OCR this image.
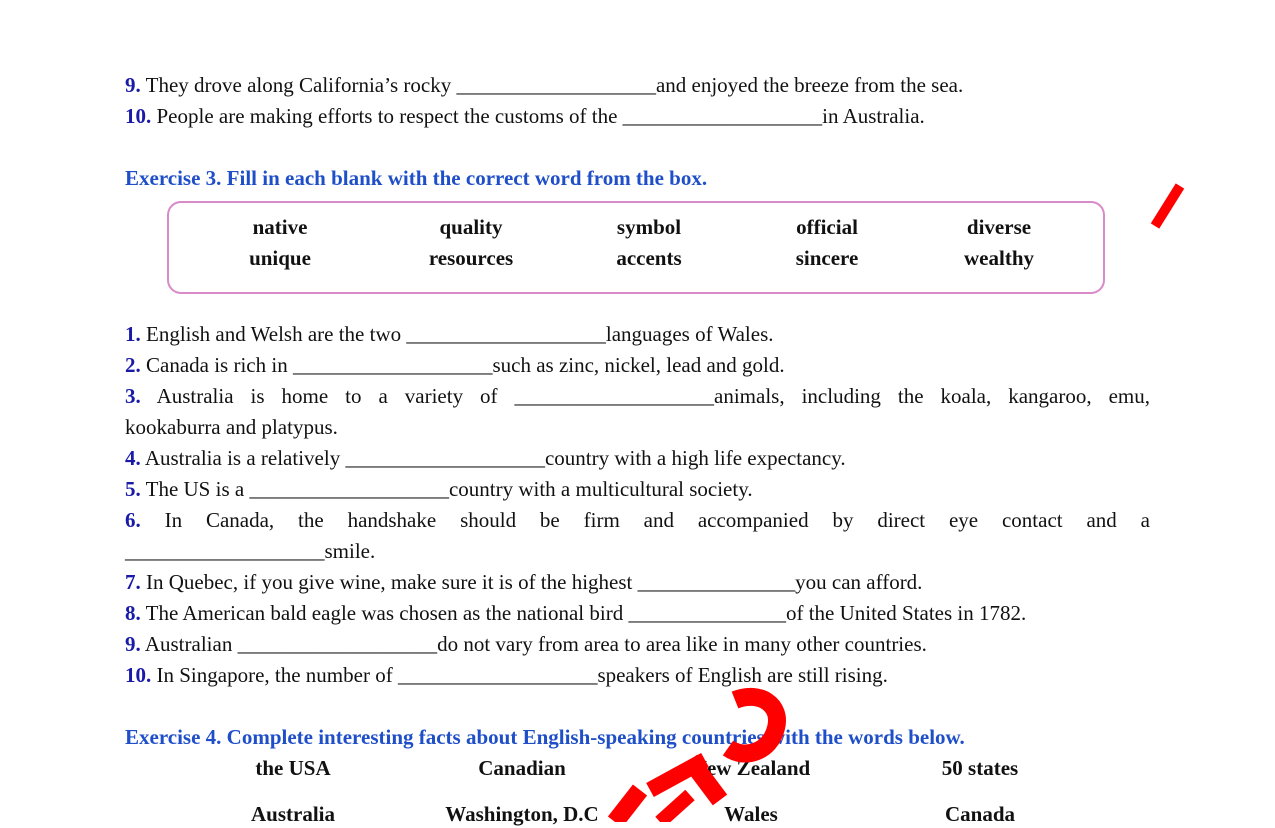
9. They drove along California’s rocky ___________________and enjoyed the breeze from the sea.
10. People are making efforts to respect the customs of the ___________________in Australia.
Exercise 3. Fill in each blank with the correct word from the box.
native	quality	symbol	official	diverse
unique	resources	accents	sincere	wealthy
1. English and Welsh are the two ___________________languages of Wales.
2. Canada is rich in ___________________such as zinc, nickel, lead and gold.
3. Australia is home to a variety of ___________________animals, including the koala, kangaroo, emu,
kookaburra and platypus.
4. Australia is a relatively ___________________country with a high life expectancy.
5. The US is a ___________________country with a multicultural society.
6. In Canada, the handshake should be firm and accompanied by direct eye contact and a
___________________smile.
7. In Quebec, if you give wine, make sure it is of the highest _______________you can afford.
8. The American bald eagle was chosen as the national bird _______________of the United States in 1782.
9. Australian ___________________do not vary from area to area like in many other countries.
10. In Singapore, the number of ___________________speakers of English are still rising.
Exercise 4. Complete interesting facts about English-speaking countries with the words below.
the USA	Canadian	New Zealand	50 states
Australia	Washington, D.C	Wales	Canada
